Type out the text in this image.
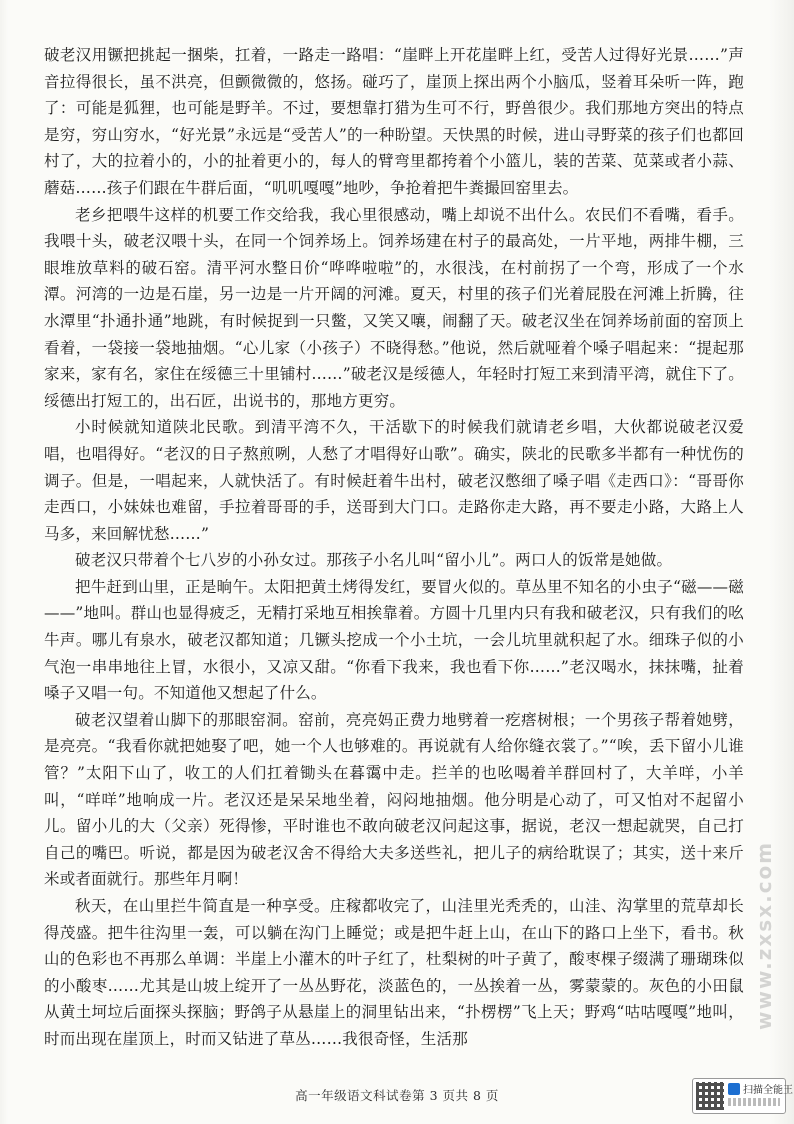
破老汉用镢把挑起一捆柴，扛着，一路走一路唱：“崖畔上开花崖畔上红，受苦人过得好光景……”声音拉得很长，虽不洪亮，但颤微微的，悠扬。碰巧了，崖顶上探出两个小脑瓜，竖着耳朵听一阵，跑了：可能是狐狸，也可能是野羊。不过，要想靠打猎为生可不行，野兽很少。我们那地方突出的特点是穷，穷山穷水，“好光景”永远是“受苦人”的一种盼望。天快黑的时候，进山寻野菜的孩子们也都回村了，大的拉着小的，小的扯着更小的，每人的臂弯里都挎着个小篮儿，装的苦菜、苋菜或者小蒜、蘑菇……孩子们跟在牛群后面，“叽叽嘎嘎”地吵，争抢着把牛粪撮回窑里去。

老乡把喂牛这样的机要工作交给我，我心里很感动，嘴上却说不出什么。农民们不看嘴，看手。我喂十头，破老汉喂十头，在同一个饲养场上。饲养场建在村子的最高处，一片平地，两排牛棚，三眼堆放草料的破石窑。清平河水整日价“哗哗啦啦”的，水很浅，在村前拐了一个弯，形成了一个水潭。河湾的一边是石崖，另一边是一片开阔的河滩。夏天，村里的孩子们光着屁股在河滩上折腾，往水潭里“扑通扑通”地跳，有时候捉到一只鳖，又笑又嚷，闹翻了天。破老汉坐在饲养场前面的窑顶上看着，一袋接一袋地抽烟。“心儿家（小孩子）不晓得愁。”他说，然后就哑着个嗓子唱起来：“提起那家来，家有名，家住在绥德三十里铺村……”破老汉是绥德人，年轻时打短工来到清平湾，就住下了。绥德出打短工的，出石匠，出说书的，那地方更穷。

小时候就知道陕北民歌。到清平湾不久，干活歇下的时候我们就请老乡唱，大伙都说破老汉爱唱，也唱得好。“老汉的日子熬煎咧，人愁了才唱得好山歌”。确实，陕北的民歌多半都有一种忧伤的调子。但是，一唱起来，人就快活了。有时候赶着牛出村，破老汉憋细了嗓子唱《走西口》：“哥哥你走西口，小妹妹也难留，手拉着哥哥的手，送哥到大门口。走路你走大路，再不要走小路，大路上人马多，来回解忧愁……”

破老汉只带着个七八岁的小孙女过。那孩子小名儿叫“留小儿”。两口人的饭常是她做。

把牛赶到山里，正是晌午。太阳把黄土烤得发红，要冒火似的。草丛里不知名的小虫子“磁——磁——”地叫。群山也显得疲乏，无精打采地互相挨靠着。方圆十几里内只有我和破老汉，只有我们的吆牛声。哪儿有泉水，破老汉都知道；几镢头挖成一个小土坑，一会儿坑里就积起了水。细珠子似的小气泡一串串地往上冒，水很小，又凉又甜。“你看下我来，我也看下你……”老汉喝水，抹抹嘴，扯着嗓子又唱一句。不知道他又想起了什么。

破老汉望着山脚下的那眼窑洞。窑前，亮亮妈正费力地劈着一疙瘩树根；一个男孩子帮着她劈，是亮亮。“我看你就把她娶了吧，她一个人也够难的。再说就有人给你缝衣裳了。”“唉，丢下留小儿谁管？”太阳下山了，收工的人们扛着锄头在暮霭中走。拦羊的也吆喝着羊群回村了，大羊咩，小羊叫，“咩咩”地响成一片。老汉还是呆呆地坐着，闷闷地抽烟。他分明是心动了，可又怕对不起留小儿。留小儿的大（父亲）死得惨，平时谁也不敢向破老汉问起这事，据说，老汉一想起就哭，自己打自己的嘴巴。听说，都是因为破老汉舍不得给大夫多送些礼，把儿子的病给耽误了；其实，送十来斤米或者面就行。那些年月啊！

秋天，在山里拦牛简直是一种享受。庄稼都收完了，山洼里光秃秃的，山洼、沟掌里的荒草却长得茂盛。把牛往沟里一轰，可以躺在沟门上睡觉；或是把牛赶上山，在山下的路口上坐下，看书。秋山的色彩也不再那么单调：半崖上小灌木的叶子红了，杜梨树的叶子黄了，酸枣棵子缀满了珊瑚珠似的小酸枣……尤其是山坡上绽开了一丛丛野花，淡蓝色的，一丛挨着一丛，雾蒙蒙的。灰色的小田鼠从黄土坷垃后面探头探脑；野鸽子从悬崖上的洞里钻出来，“扑楞楞”飞上天；野鸡“咕咕嘎嘎”地叫，时而出现在崖顶上，时而又钻进了草丛……我很奇怪，生活那

www.zxsx.com
高一年级语文科试卷第 3 页共 8 页	扫描全能王
